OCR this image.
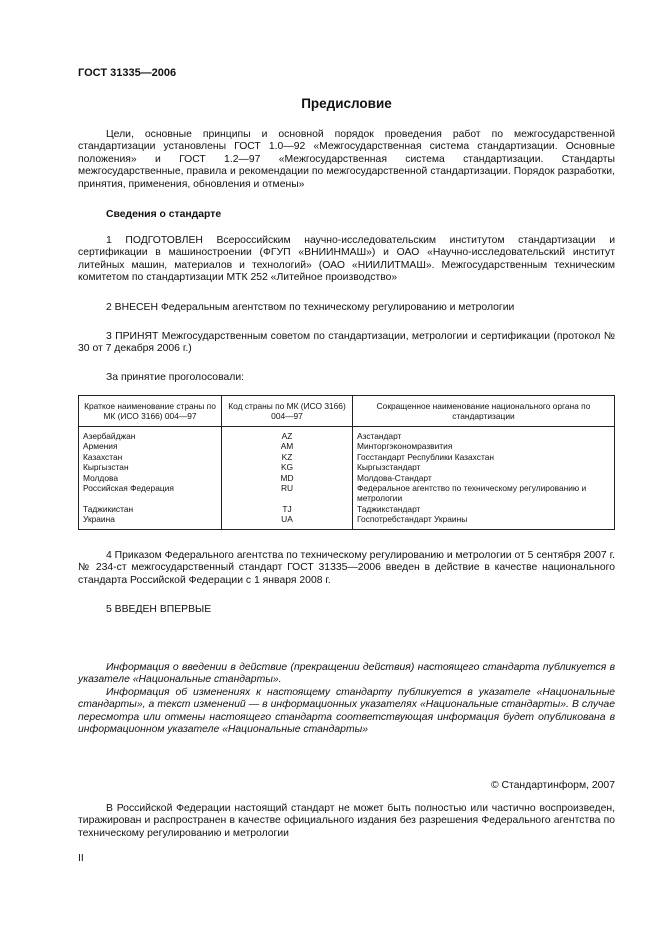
ГОСТ 31335—2006
Предисловие
Цели, основные принципы и основной порядок проведения работ по межгосударственной стандартизации установлены ГОСТ 1.0—92 «Межгосударственная система стандартизации. Основные положения» и ГОСТ 1.2—97 «Межгосударственная система стандартизации. Стандарты межгосударственные, правила и рекомендации по межгосударственной стандартизации. Порядок разработки, принятия, применения, обновления и отмены»
Сведения о стандарте
1 ПОДГОТОВЛЕН Всероссийским научно-исследовательским институтом стандартизации и сертификации в машиностроении (ФГУП «ВНИИНМАШ») и ОАО «Научно-исследовательский институт литейных машин, материалов и технологий» (ОАО «НИИЛИТМАШ». Межгосударственным техническим комитетом по стандартизации МТК 252 «Литейное производство»
2 ВНЕСЕН Федеральным агентством по техническому регулированию и метрологии
3 ПРИНЯТ Межгосударственным советом по стандартизации, метрологии и сертификации (протокол № 30 от 7 декабря 2006 г.)
За принятие проголосовали:
Краткое наименование страны по МК (ИСО 3166) 004—97	Код страны по МК (ИСО 3166) 004—97	Сокращенное наименование национального органа по стандартизации
Азербайджан	AZ	Азстандарт
Армения	AM	Минторгэкономразвития
Казахстан	KZ	Госстандарт Республики Казахстан
Кыргызстан	KG	Кыргызстандарт
Молдова	MD	Молдова-Стандарт
Российская Федерация	RU	Федеральное агентство по техническому регулированию и метрологии
Таджикистан	TJ	Таджикстандарт
Украина	UA	Госпотребстандарт Украины
4 Приказом Федерального агентства по техническому регулированию и метрологии от 5 сентября 2007 г. № 234-ст межгосударственный стандарт ГОСТ 31335—2006 введен в действие в качестве национального стандарта Российской Федерации с 1 января 2008 г.
5 ВВЕДЕН ВПЕРВЫЕ
Информация о введении в действие (прекращении действия) настоящего стандарта публикуется в указателе «Национальные стандарты».
Информация об изменениях к настоящему стандарту публикуется в указателе «Национальные стандарты», а текст изменений — в информационных указателях «Национальные стандарты». В случае пересмотра или отмены настоящего стандарта соответствующая информация будет опубликована в информационном указателе «Национальные стандарты»
© Стандартинформ, 2007
В Российской Федерации настоящий стандарт не может быть полностью или частично воспроизведен, тиражирован и распространен в качестве официального издания без разрешения Федерального агентства по техническому регулированию и метрологии
II
